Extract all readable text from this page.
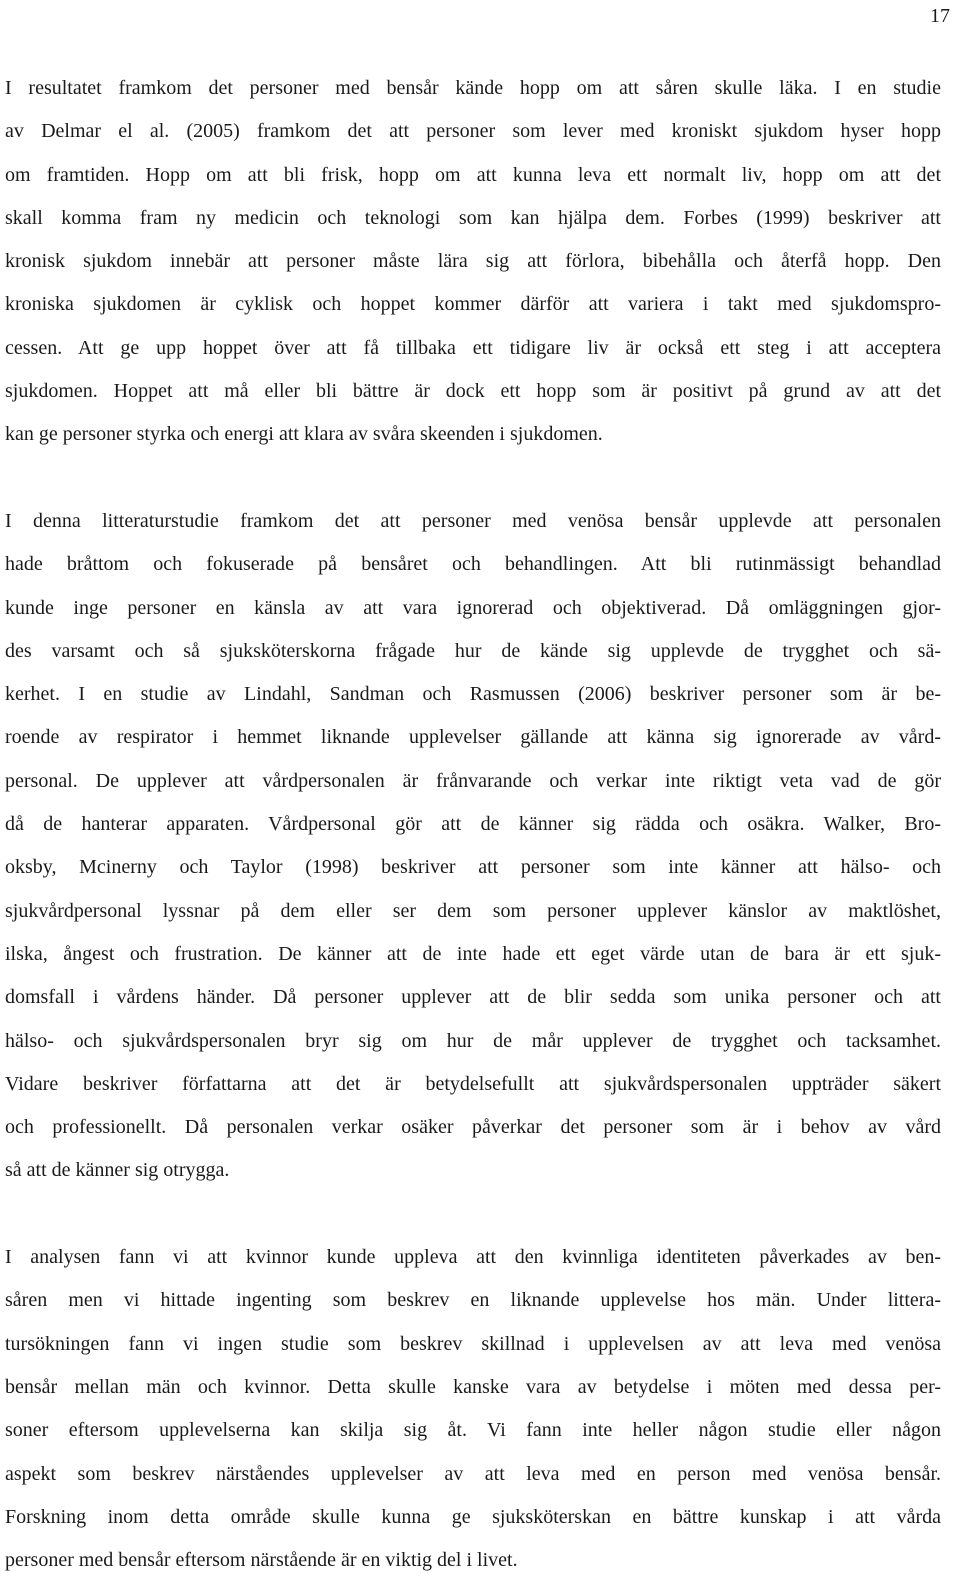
17
I resultatet framkom det personer med bensår kände hopp om att såren skulle läka. I en studie
av Delmar el al. (2005) framkom det att personer som lever med kroniskt sjukdom hyser hopp
om framtiden. Hopp om att bli frisk, hopp om att kunna leva ett normalt liv, hopp om att det
skall komma fram ny medicin och teknologi som kan hjälpa dem. Forbes (1999) beskriver att
kronisk sjukdom innebär att personer måste lära sig att förlora, bibehålla och återfå hopp. Den
kroniska sjukdomen är cyklisk och hoppet kommer därför att variera i takt med sjukdomspro-
cessen. Att ge upp hoppet över att få tillbaka ett tidigare liv är också ett steg i att acceptera
sjukdomen. Hoppet att må eller bli bättre är dock ett hopp som är positivt på grund av att det
kan ge personer styrka och energi att klara av svåra skeenden i sjukdomen.
I denna litteraturstudie framkom det att personer med venösa bensår upplevde att personalen
hade bråttom och fokuserade på bensåret och behandlingen. Att bli rutinmässigt behandlad
kunde inge personer en känsla av att vara ignorerad och objektiverad. Då omläggningen gjor-
des varsamt och så sjuksköterskorna frågade hur de kände sig upplevde de trygghet och sä-
kerhet. I en studie av Lindahl, Sandman och Rasmussen (2006) beskriver personer som är be-
roende av respirator i hemmet liknande upplevelser gällande att känna sig ignorerade av vård-
personal. De upplever att vårdpersonalen är frånvarande och verkar inte riktigt veta vad de gör
då de hanterar apparaten. Vårdpersonal gör att de känner sig rädda och osäkra. Walker, Bro-
oksby, Mcinerny och Taylor (1998) beskriver att personer som inte känner att hälso- och
sjukvårdpersonal lyssnar på dem eller ser dem som personer upplever känslor av maktlöshet,
ilska, ångest och frustration. De känner att de inte hade ett eget värde utan de bara är ett sjuk-
domsfall i vårdens händer. Då personer upplever att de blir sedda som unika personer och att
hälso- och sjukvårdspersonalen bryr sig om hur de mår upplever de trygghet och tacksamhet.
Vidare beskriver författarna att det är betydelsefullt att sjukvårdspersonalen uppträder säkert
och professionellt. Då personalen verkar osäker påverkar det personer som är i behov av vård
så att de känner sig otrygga.
I analysen fann vi att kvinnor kunde uppleva att den kvinnliga identiteten påverkades av ben-
såren men vi hittade ingenting som beskrev en liknande upplevelse hos män. Under littera-
tursökningen fann vi ingen studie som beskrev skillnad i upplevelsen av att leva med venösa
bensår mellan män och kvinnor. Detta skulle kanske vara av betydelse i möten med dessa per-
soner eftersom upplevelserna kan skilja sig åt. Vi fann inte heller någon studie eller någon
aspekt som beskrev närståendes upplevelser av att leva med en person med venösa bensår.
Forskning inom detta område skulle kunna ge sjuksköterskan en bättre kunskap i att vårda
personer med bensår eftersom närstående är en viktig del i livet.
